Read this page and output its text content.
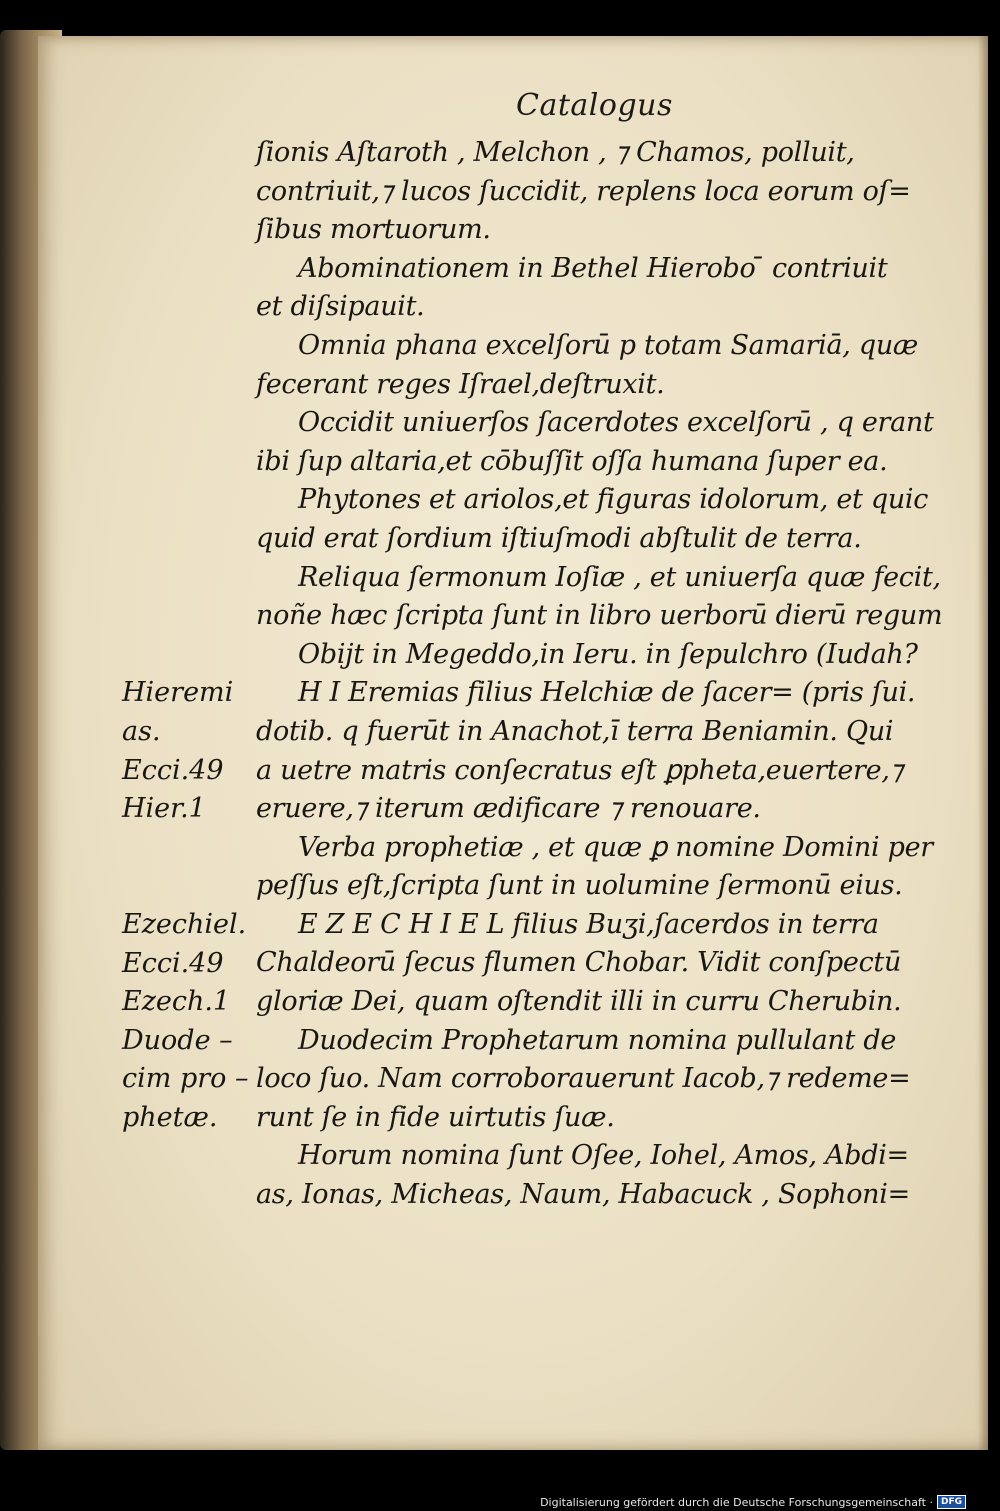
Catalogus
ſionis Aſtaroth , Melchon , ⁊ Chamos, polluit,
contriuit,⁊ lucos ſuccidit, replens loca eorum oſ=
ſibus mortuorum.
Abominationem in Bethel Hierobo ̄ contriuit
et diſsipauit.
Omnia phana excelſorū p totam Samariā, quæ
fecerant reges Iſrael,deſtruxit.
Occidit uniuerſos ſacerdotes excelſorū , q erant
ibi ſup altaria,et cōbuſſit oſſa humana ſuper ea.
Phytones et ariolos,et figuras idolorum, et quic
quid erat ſordium iſtiuſmodi abſtulit de terra.
Reliqua ſermonum Ioſiæ , et uniuerſa quæ fecit,
noñe hæc ſcripta ſunt in libro uerborū dierū regum
Obijt in Megeddo,in Ieru. in ſepulchro (Iudah?
H I Eremias filius Helchiæ de ſacer= (pris ſui.
dotib. q fuerūt in Anachot,ī terra Beniamin. Qui
a uetre matris conſecratus eſt ꝑpheta,euertere,⁊
eruere,⁊ iterum ædificare ⁊ renouare.
Verba prophetiæ , et quæ ꝑ nomine Domini per
peſſus eſt,ſcripta ſunt in uolumine ſermonū eius.
E Z E C H I E L filius Buʒi,ſacerdos in terra
Chaldeorū ſecus flumen Chobar. Vidit conſpectū
gloriæ Dei, quam oſtendit illi in curru Cherubin.
Duodecim Prophetarum nomina pullulant de
loco ſuo. Nam corroborauerunt Iacob,⁊ redeme=
runt ſe in fide uirtutis ſuæ.
Horum nomina ſunt Oſee, Iohel, Amos, Abdi=
as, Ionas, Micheas, Naum, Habacuck , Sophoni=
Hieremi
as.
Ecci.49
Hier.1
Ezechiel.
Ecci.49
Ezech.1
Duode –
cim pro –
phetæ.
Digitalisierung gefördert durch die Deutsche Forschungsgemeinschaft · DFG
